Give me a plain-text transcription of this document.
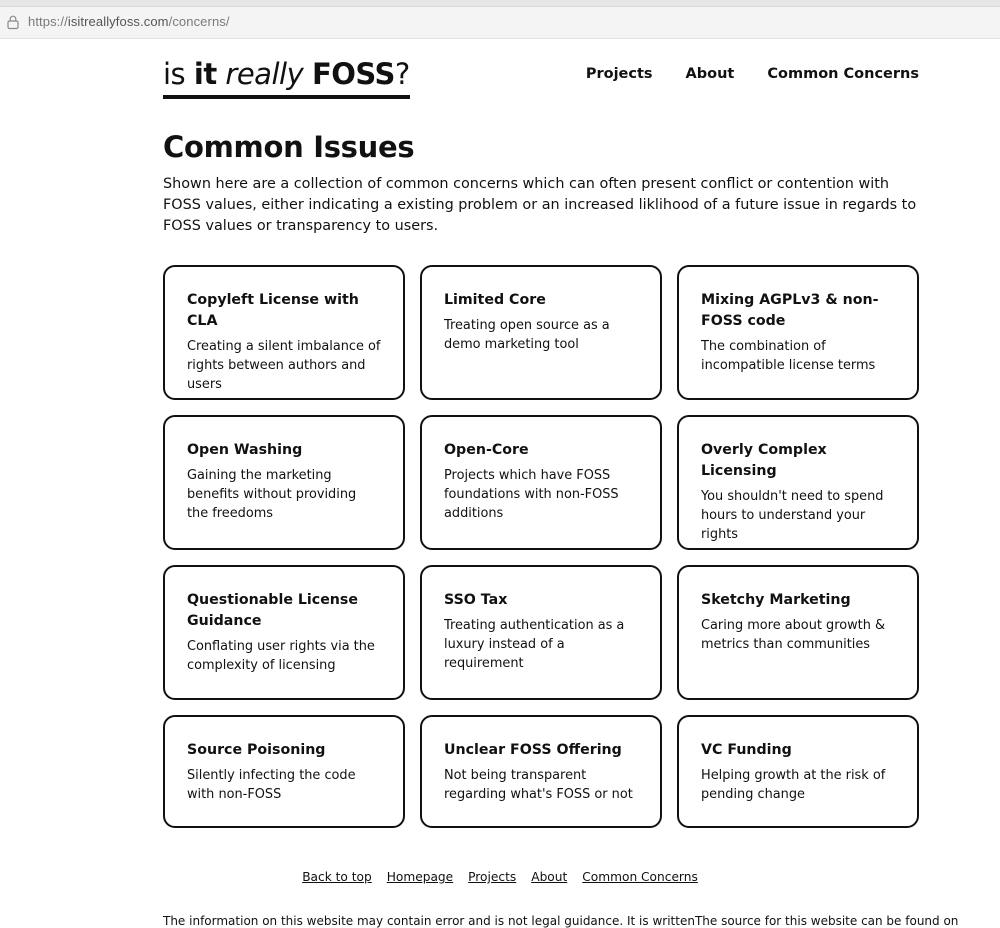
https://isitreallyfoss.com/concerns/
is it really FOSS?	Projects About Common Concerns
Common Issues

Shown here are a collection of common concerns which can often present conflict or contention with FOSS values, either indicating a existing problem or an increased liklihood of a future issue in regards to FOSS values or transparency to users.

Copyleft License with CLA

Creating a silent imbalance of rights between authors and users

Limited Core

Treating open source as a demo marketing tool

Mixing AGPLv3 & non-FOSS code

The combination of incompatible license terms

Open Washing

Gaining the marketing benefits without providing the freedoms

Open-Core

Projects which have FOSS foundations with non-FOSS additions

Overly Complex Licensing

You shouldn't need to spend hours to understand your rights

Questionable License Guidance

Conflating user rights via the complexity of licensing

SSO Tax

Treating authentication as a luxury instead of a requirement

Sketchy Marketing

Caring more about growth & metrics than communities

Source Poisoning

Silently infecting the code with non-FOSS

Unclear FOSS Offering

Not being transparent regarding what's FOSS or not

VC Funding

Helping growth at the risk of pending change

Back to top Homepage Projects About Common Concerns
The information on this website may contain error and is not legal guidance. It is written The source for this website can be found on
